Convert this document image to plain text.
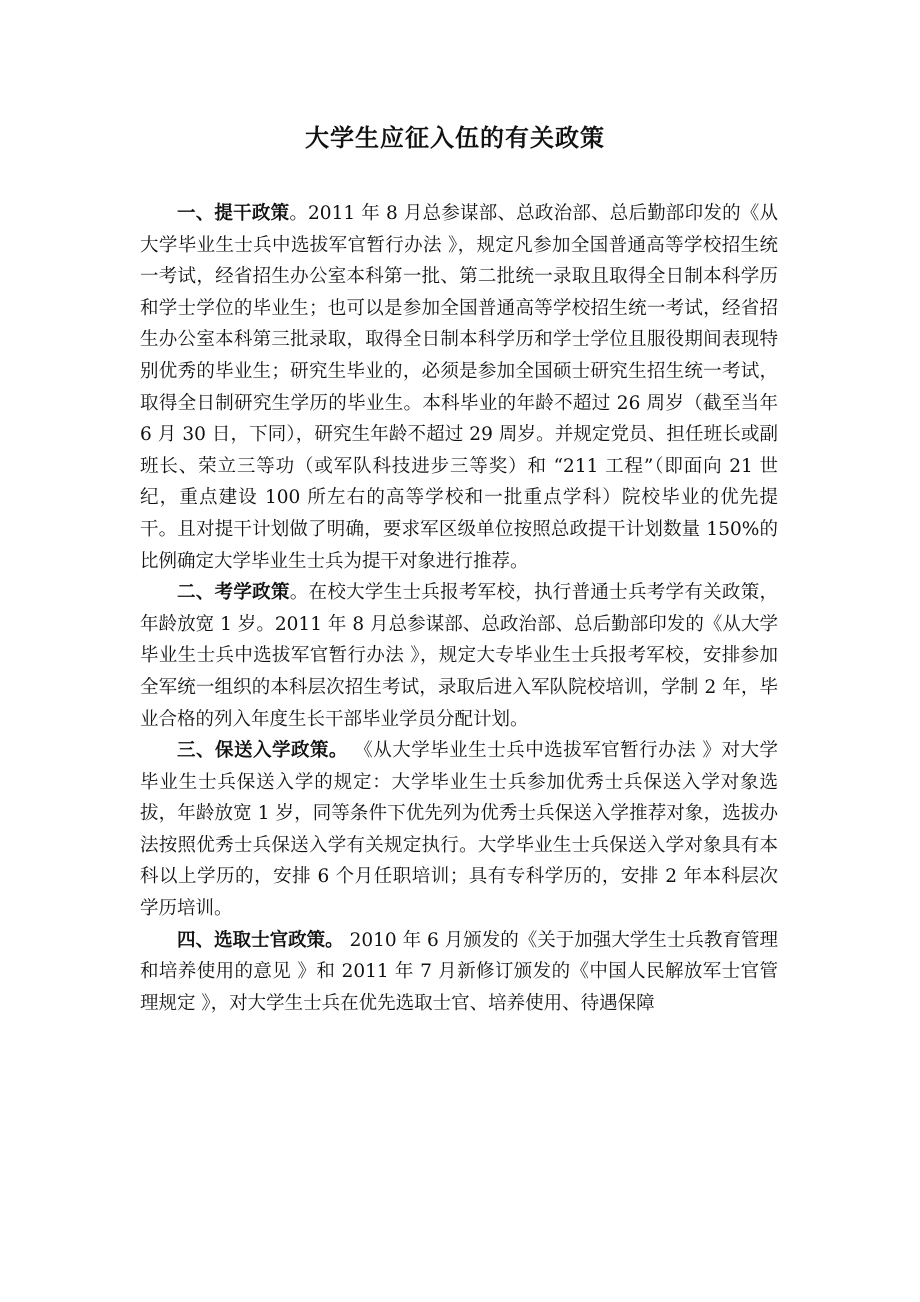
大学生应征入伍的有关政策

一、提干政策。2011 年 8 月总参谋部、总政治部、总后勤部印发的《从大学毕业生士兵中选拔军官暂行办法 》，规定凡参加全国普通高等学校招生统一考试，经省招生办公室本科第一批、第二批统一录取且取得全日制本科学历和学士学位的毕业生；也可以是参加全国普通高等学校招生统一考试，经省招生办公室本科第三批录取，取得全日制本科学历和学士学位且服役期间表现特别优秀的毕业生；研究生毕业的，必须是参加全国硕士研究生招生统一考试，取得全日制研究生学历的毕业生。本科毕业的年龄不超过 26 周岁（截至当年 6 月 30 日，下同），研究生年龄不超过 29 周岁。并规定党员、担任班长或副班长、荣立三等功（或军队科技进步三等奖）和 “211 工程”（即面向 21 世纪，重点建设 100 所左右的高等学校和一批重点学科）院校毕业的优先提干。且对提干计划做了明确，要求军区级单位按照总政提干计划数量 150%的比例确定大学毕业生士兵为提干对象进行推荐。

二、考学政策。在校大学生士兵报考军校，执行普通士兵考学有关政策，年龄放宽 1 岁。2011 年 8 月总参谋部、总政治部、总后勤部印发的《从大学毕业生士兵中选拔军官暂行办法 》，规定大专毕业生士兵报考军校，安排参加全军统一组织的本科层次招生考试，录取后进入军队院校培训，学制 2 年，毕业合格的列入年度生长干部毕业学员分配计划。

三、保送入学政策。 《从大学毕业生士兵中选拔军官暂行办法 》对大学毕业生士兵保送入学的规定：大学毕业生士兵参加优秀士兵保送入学对象选拔，年龄放宽 1 岁，同等条件下优先列为优秀士兵保送入学推荐对象，选拔办法按照优秀士兵保送入学有关规定执行。大学毕业生士兵保送入学对象具有本科以上学历的，安排 6 个月任职培训；具有专科学历的，安排 2 年本科层次学历培训。

四、选取士官政策。 2010 年 6 月颁发的《关于加强大学生士兵教育管理和培养使用的意见 》和 2011 年 7 月新修订颁发的《中国人民解放军士官管理规定 》，对大学生士兵在优先选取士官、培养使用、待遇保障
